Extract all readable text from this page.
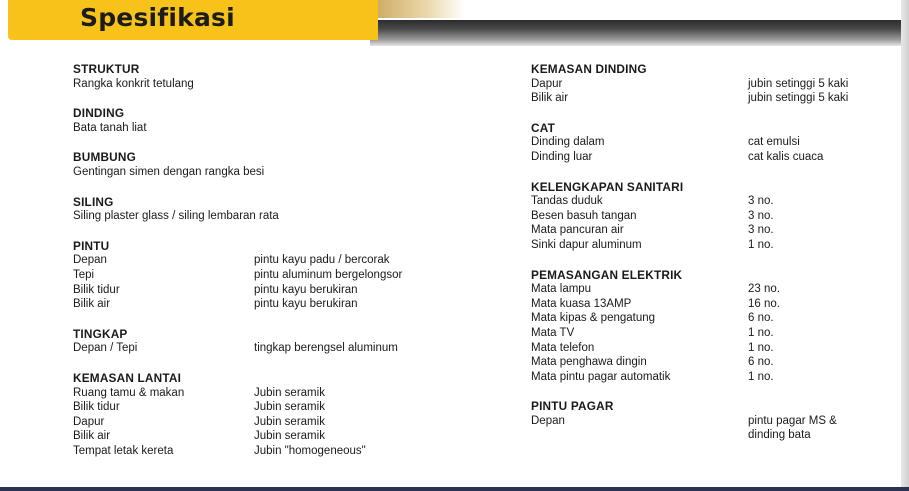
Spesifikasi
STRUKTUR
Rangka konkrit tetulang
DINDING
Bata tanah liat
BUMBUNG
Gentingan simen dengan rangka besi
SILING
Siling plaster glass / siling lembaran rata
PINTU
Depan	pintu kayu padu / bercorak
Tepi	pintu aluminum bergelongsor
Bilik tidur	pintu kayu berukiran
Bilik air	pintu kayu berukiran
TINGKAP
Depan / Tepi	tingkap berengsel aluminum
KEMASAN LANTAI
Ruang tamu & makan	Jubin seramik
Bilik tidur	Jubin seramik
Dapur	Jubin seramik
Bilik air	Jubin seramik
Tempat letak kereta	Jubin "homogeneous"
KEMASAN DINDING
Dapur	jubin setinggi 5 kaki
Bilik air	jubin setinggi 5 kaki
CAT
Dinding dalam	cat emulsi
Dinding luar	cat kalis cuaca
KELENGKAPAN SANITARI
Tandas duduk	3 no.
Besen basuh tangan	3 no.
Mata pancuran air	3 no.
Sinki dapur aluminum	1 no.
PEMASANGAN ELEKTRIK
Mata lampu	23 no.
Mata kuasa 13AMP	16 no.
Mata kipas & pengatung	6 no.
Mata TV	1 no.
Mata telefon	1 no.
Mata penghawa dingin	6 no.
Mata pintu pagar automatik	1 no.
PINTU PAGAR
Depan	pintu pagar MS & dinding bata
